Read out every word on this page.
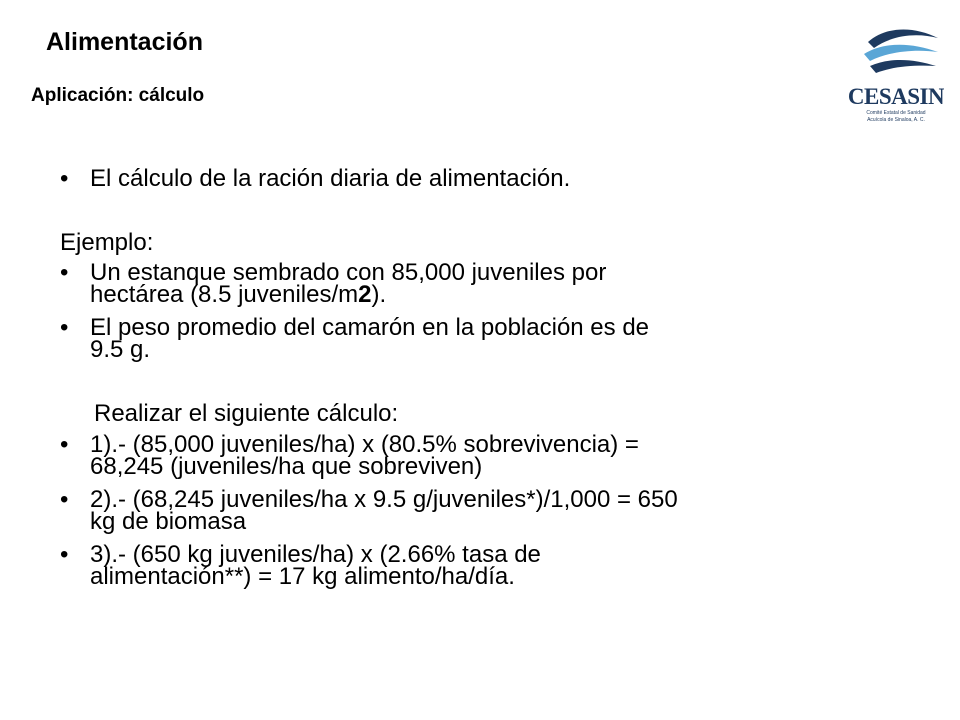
Alimentación
Aplicación: cálculo	CESASIN
Comité Estatal de Sanidad
Acuícola de Sinaloa, A. C.
• El cálculo de la ración diaria de alimentación.
Ejemplo:
• Un estanque sembrado con 85,000 juveniles por
hectárea (8.5 juveniles/m2).
• El peso promedio del camarón en la población es de
9.5 g.
Realizar el siguiente cálculo:
• 1).- (85,000 juveniles/ha) x (80.5% sobrevivencia) =
68,245 (juveniles/ha que sobreviven)
• 2).- (68,245 juveniles/ha x 9.5 g/juveniles*)/1,000 = 650
kg de biomasa
• 3).- (650 kg juveniles/ha) x (2.66% tasa de
alimentación**) = 17 kg alimento/ha/día.
